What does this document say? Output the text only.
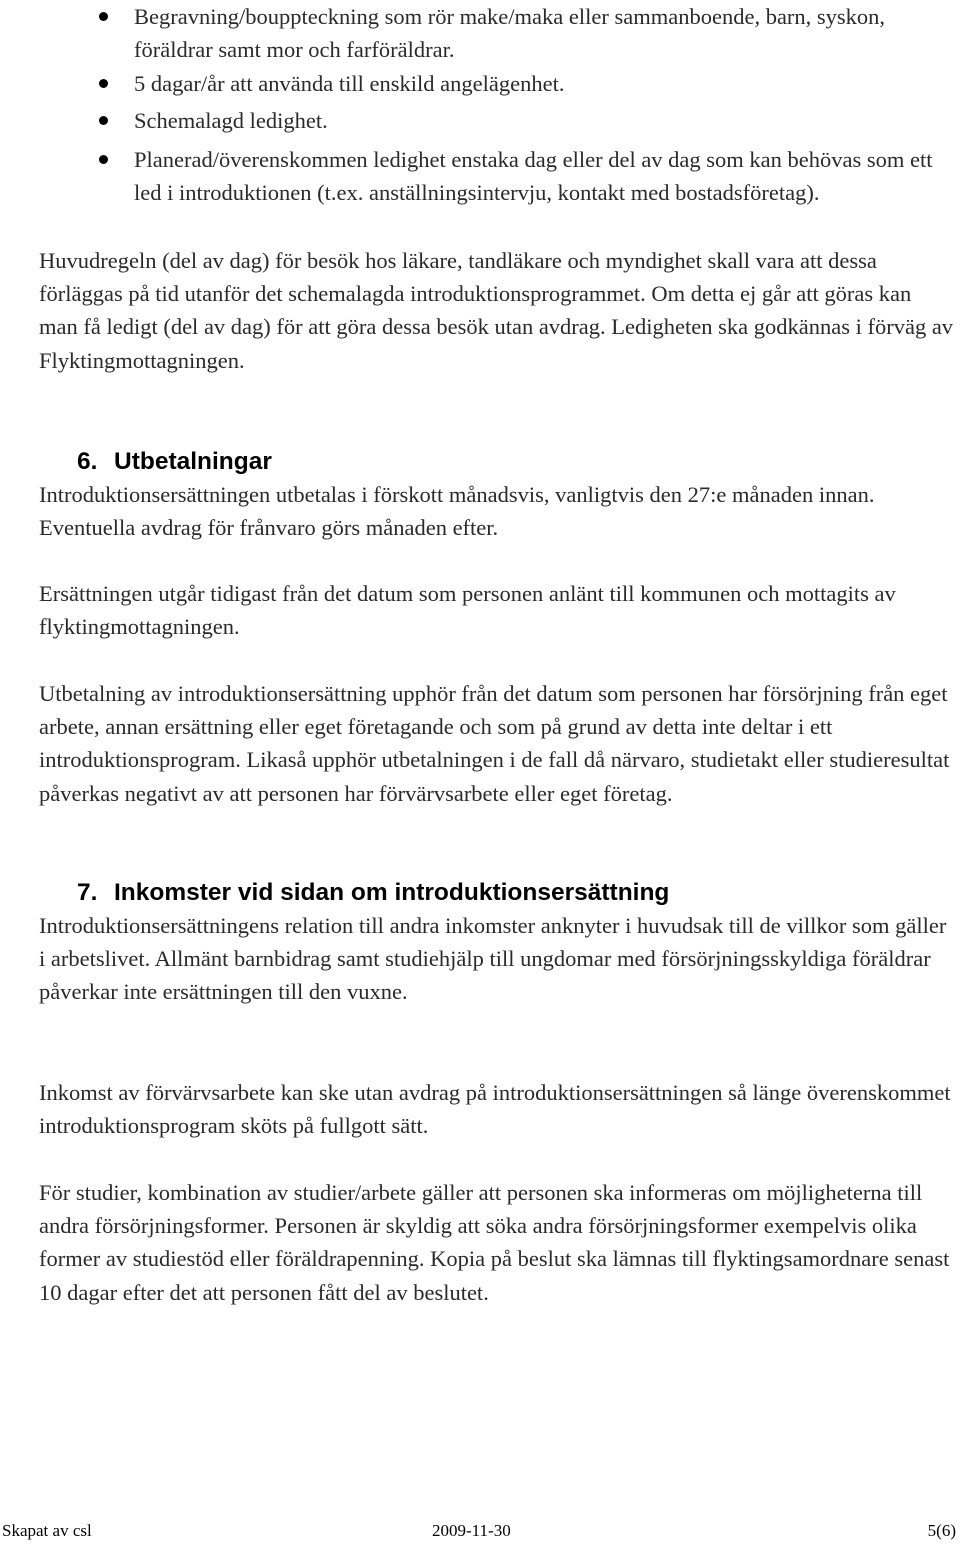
Begravning/bouppteckning som rör make/maka eller sammanboende, barn, syskon, föräldrar samt mor och farföräldrar.
5 dagar/år att använda till enskild angelägenhet.
Schemalagd ledighet.
Planerad/överenskommen ledighet enstaka dag eller del av dag som kan behövas som ett led i introduktionen (t.ex. anställningsintervju, kontakt med bostadsföretag).

Huvudregeln (del av dag) för besök hos läkare, tandläkare och myndighet skall vara att dessa förläggas på tid utanför det schemalagda introduktionsprogrammet. Om detta ej går att göras kan man få ledigt (del av dag) för att göra dessa besök utan avdrag. Ledigheten ska godkännas i förväg av Flyktingmottagningen.

6. Utbetalningar

Introduktionsersättningen utbetalas i förskott månadsvis, vanligtvis den 27:e månaden innan. Eventuella avdrag för frånvaro görs månaden efter.

Ersättningen utgår tidigast från det datum som personen anlänt till kommunen och mottagits av flyktingmottagningen.

Utbetalning av introduktionsersättning upphör från det datum som personen har försörjning från eget arbete, annan ersättning eller eget företagande och som på grund av detta inte deltar i ett introduktionsprogram. Likaså upphör utbetalningen i de fall då närvaro, studietakt eller studieresultat påverkas negativt av att personen har förvärvsarbete eller eget företag.

7. Inkomster vid sidan om introduktionsersättning

Introduktionsersättningens relation till andra inkomster anknyter i huvudsak till de villkor som gäller i arbetslivet. Allmänt barnbidrag samt studiehjälp till ungdomar med försörjningsskyldiga föräldrar påverkar inte ersättningen till den vuxne.

Inkomst av förvärvsarbete kan ske utan avdrag på introduktionsersättningen så länge överenskommet introduktionsprogram sköts på fullgott sätt.

För studier, kombination av studier/arbete gäller att personen ska informeras om möjligheterna till andra försörjningsformer. Personen är skyldig att söka andra försörjningsformer exempelvis olika former av studiestöd eller föräldrapenning. Kopia på beslut ska lämnas till flyktingsamordnare senast 10 dagar efter det att personen fått del av beslutet.

Skapat av csl	2009-11-30	5(6)
